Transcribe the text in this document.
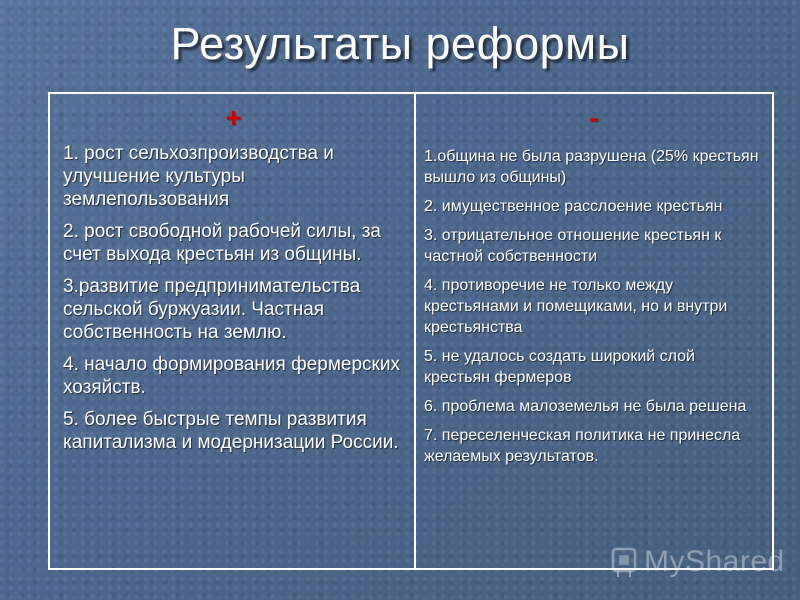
Результаты реформы
+
1. рост сельхозпроизводства и улучшение культуры землепользования
2. рост свободной рабочей силы, за счет выхода крестьян из общины.
3.развитие предпринимательства сельской буржуазии. Частная собственность на землю.
4. начало формирования фермерских хозяйств.
5. более быстрые темпы развития капитализма и модернизации России.
-
1.община не была разрушена (25% крестьян вышло из общины)
2. имущественное расслоение крестьян
3. отрицательное отношение крестьян к частной собственности
4. противоречие не только между крестьянами и помещиками, но и внутри крестьянства
5. не удалось создать широкий слой крестьян фермеров
6. проблема малоземелья не была решена
7. переселенческая политика не принесла желаемых результатов.
MyShared
